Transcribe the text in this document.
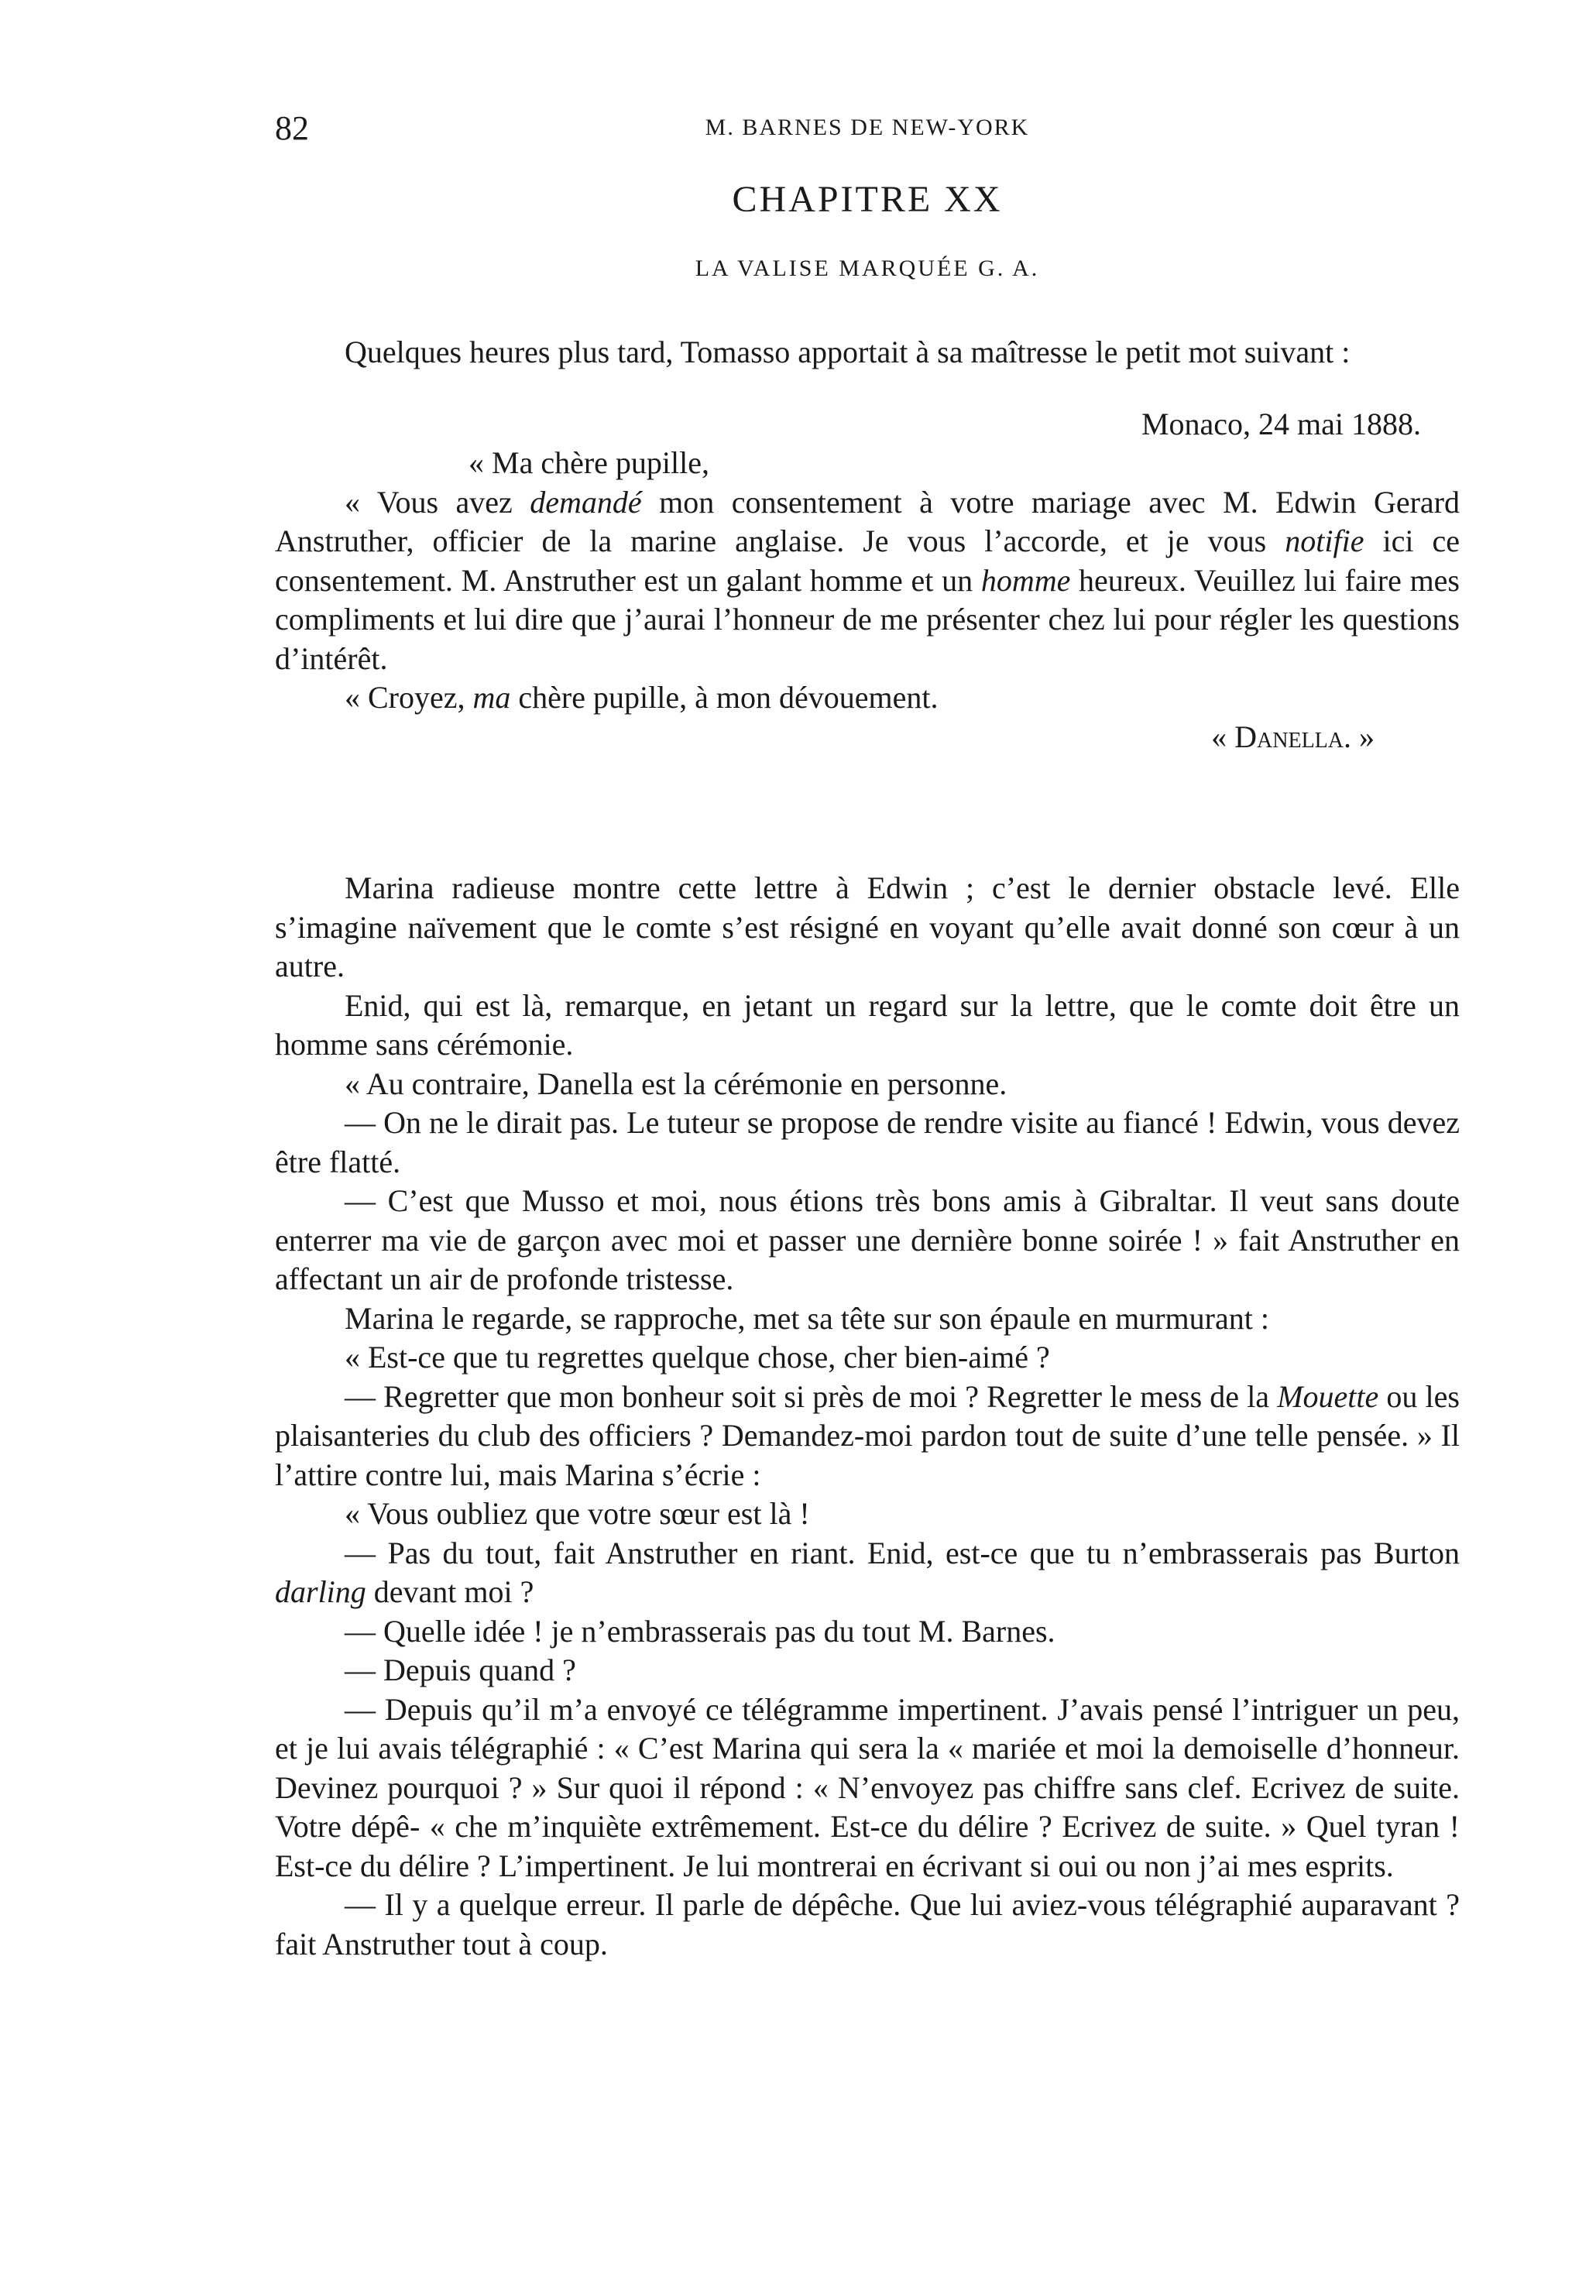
82	M. BARNES DE NEW-YORK
CHAPITRE XX
LA VALISE MARQUÉE G. A.

Quelques heures plus tard, Tomasso apportait à sa maîtresse le petit mot suivant :

Monaco, 24 mai 1888.

« Ma chère pupille,

« Vous avez demandé mon consentement à votre mariage avec M. Edwin Gerard Anstruther, officier de la marine anglaise. Je vous l’accorde, et je vous notifie ici ce consentement. M. Anstruther est un galant homme et un homme heureux. Veuillez lui faire mes compliments et lui dire que j’aurai l’honneur de me présenter chez lui pour régler les questions d’intérêt.

« Croyez, ma chère pupille, à mon dévouement.

« Danella. »

Marina radieuse montre cette lettre à Edwin ; c’est le dernier obstacle levé. Elle s’imagine naïvement que le comte s’est résigné en voyant qu’elle avait donné son cœur à un autre.

Enid, qui est là, remarque, en jetant un regard sur la lettre, que le comte doit être un homme sans cérémonie.

« Au contraire, Danella est la cérémonie en personne.

— On ne le dirait pas. Le tuteur se propose de rendre visite au fiancé ! Edwin, vous devez être flatté.

— C’est que Musso et moi, nous étions très bons amis à Gibraltar. Il veut sans doute enterrer ma vie de garçon avec moi et passer une dernière bonne soirée ! » fait Anstruther en affectant un air de profonde tristesse.

Marina le regarde, se rapproche, met sa tête sur son épaule en murmurant :

« Est-ce que tu regrettes quelque chose, cher bien-aimé ?

— Regretter que mon bonheur soit si près de moi ? Regretter le mess de la Mouette ou les plaisanteries du club des officiers ? Demandez-moi pardon tout de suite d’une telle pensée. » Il l’attire contre lui, mais Marina s’écrie :

« Vous oubliez que votre sœur est là !

— Pas du tout, fait Anstruther en riant. Enid, est-ce que tu n’embrasserais pas Burton darling devant moi ?

— Quelle idée ! je n’embrasserais pas du tout M. Barnes.

— Depuis quand ?

— Depuis qu’il m’a envoyé ce télégramme impertinent. J’avais pensé l’intriguer un peu, et je lui avais télégraphié : « C’est Marina qui sera la « mariée et moi la demoiselle d’honneur. Devinez pourquoi ? » Sur quoi il répond : « N’envoyez pas chiffre sans clef. Ecrivez de suite. Votre dépê- « che m’inquiète extrêmement. Est-ce du délire ? Ecrivez de suite. » Quel tyran ! Est-ce du délire ? L’impertinent. Je lui montrerai en écrivant si oui ou non j’ai mes esprits.

— Il y a quelque erreur. Il parle de dépêche. Que lui aviez-vous télégraphié auparavant ? fait Anstruther tout à coup.
